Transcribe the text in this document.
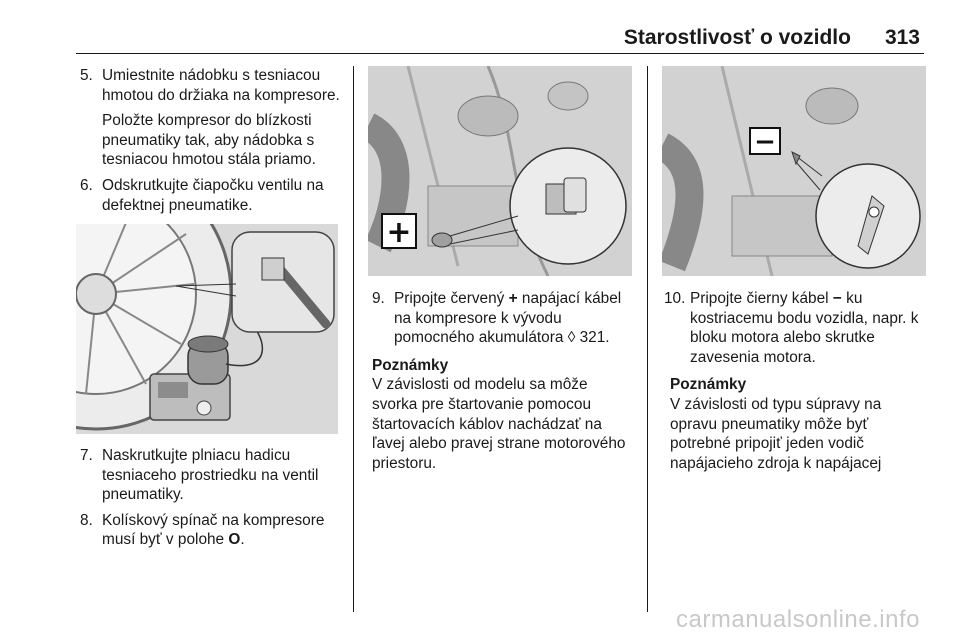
Starostlivosť o vozidlo 313
5. Umiestnite nádobku s tesniacou hmotou do držiaka na kompresore.

Položte kompresor do blízkosti pneumatiky tak, aby nádobka s tesniacou hmotou stála priamo.

6. Odskrutkujte čiapočku ventilu na defektnej pneumatike.

7. Naskrutkujte plniacu hadicu tesniaceho prostriedku na ventil pneumatiky.

8. Kolískový spínač na kompresore musí byť v polohe O.

+
9. Pripojte červený + napájací kábel na kompresore k vývodu pomocného akumulátora ◊ 321.

Poznámky

V závislosti od modelu sa môže svorka pre štartovanie pomocou štartovacích káblov nachádzať na ľavej alebo pravej strane motorového priestoru.

−
10. Pripojte čierny kábel − ku kostriacemu bodu vozidla, napr. k bloku motora alebo skrutke zavesenia motora.

Poznámky

V závislosti od typu súpravy na opravu pneumatiky môže byť potrebné pripojiť jeden vodič napájacieho zdroja k napájacej

carmanualsonline.info
